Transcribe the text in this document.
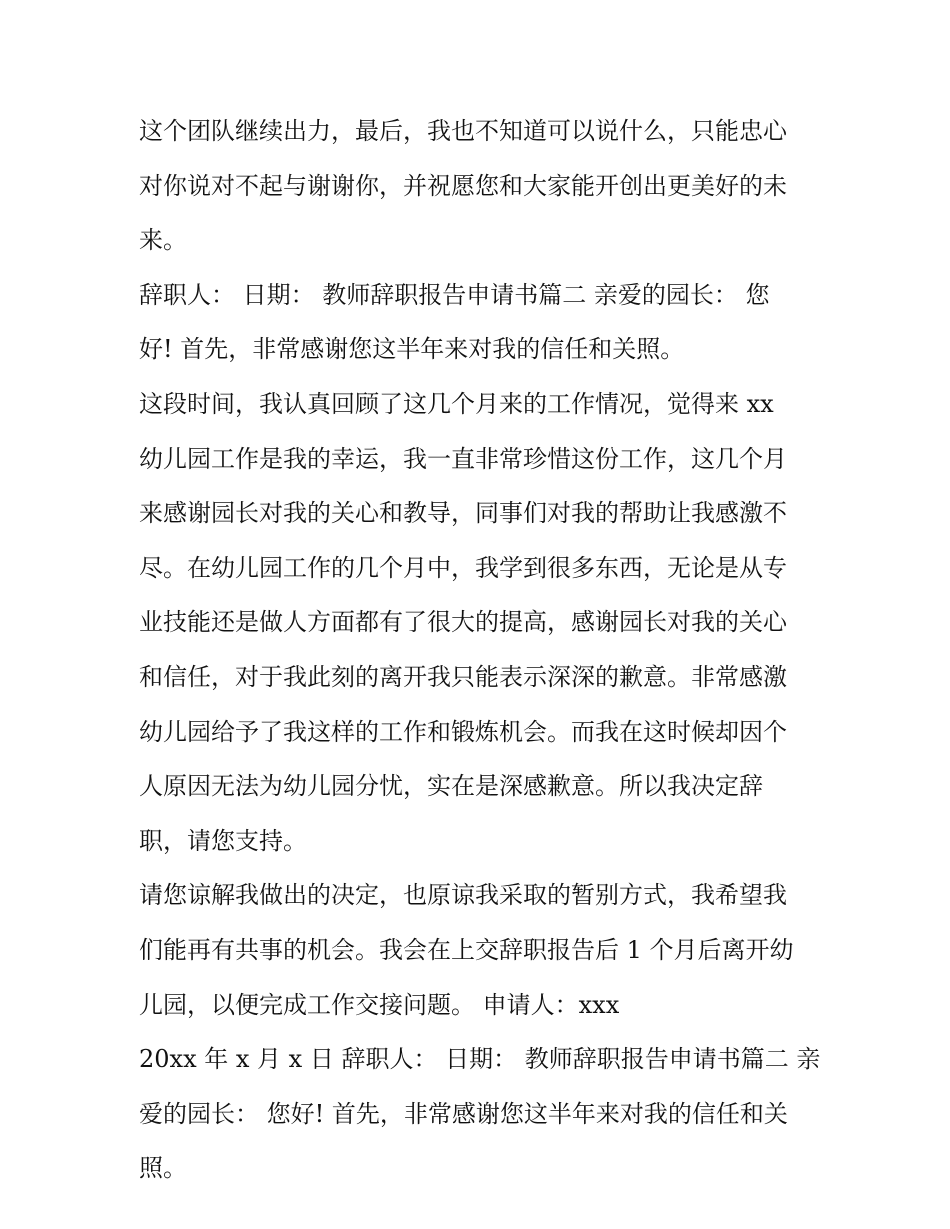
这个团队继续出力，最后，我也不知道可以说什么，只能忠心
对你说对不起与谢谢你，并祝愿您和大家能开创出更美好的未
来。
辞职人： 日期： 教师辞职报告申请书篇二 亲爱的园长： 您
好! 首先，非常感谢您这半年来对我的信任和关照。
这段时间，我认真回顾了这几个月来的工作情况，觉得来 xx
幼儿园工作是我的幸运，我一直非常珍惜这份工作，这几个月
来感谢园长对我的关心和教导，同事们对我的帮助让我感激不
尽。在幼儿园工作的几个月中，我学到很多东西，无论是从专
业技能还是做人方面都有了很大的提高，感谢园长对我的关心
和信任，对于我此刻的离开我只能表示深深的歉意。非常感激
幼儿园给予了我这样的工作和锻炼机会。而我在这时候却因个
人原因无法为幼儿园分忧，实在是深感歉意。所以我决定辞
职，请您支持。
请您谅解我做出的决定，也原谅我采取的暂别方式，我希望我
们能再有共事的机会。我会在上交辞职报告后 1 个月后离开幼
儿园，以便完成工作交接问题。 申请人：xxx
20xx 年 x 月 x 日 辞职人： 日期： 教师辞职报告申请书篇二 亲
爱的园长： 您好! 首先，非常感谢您这半年来对我的信任和关
照。
